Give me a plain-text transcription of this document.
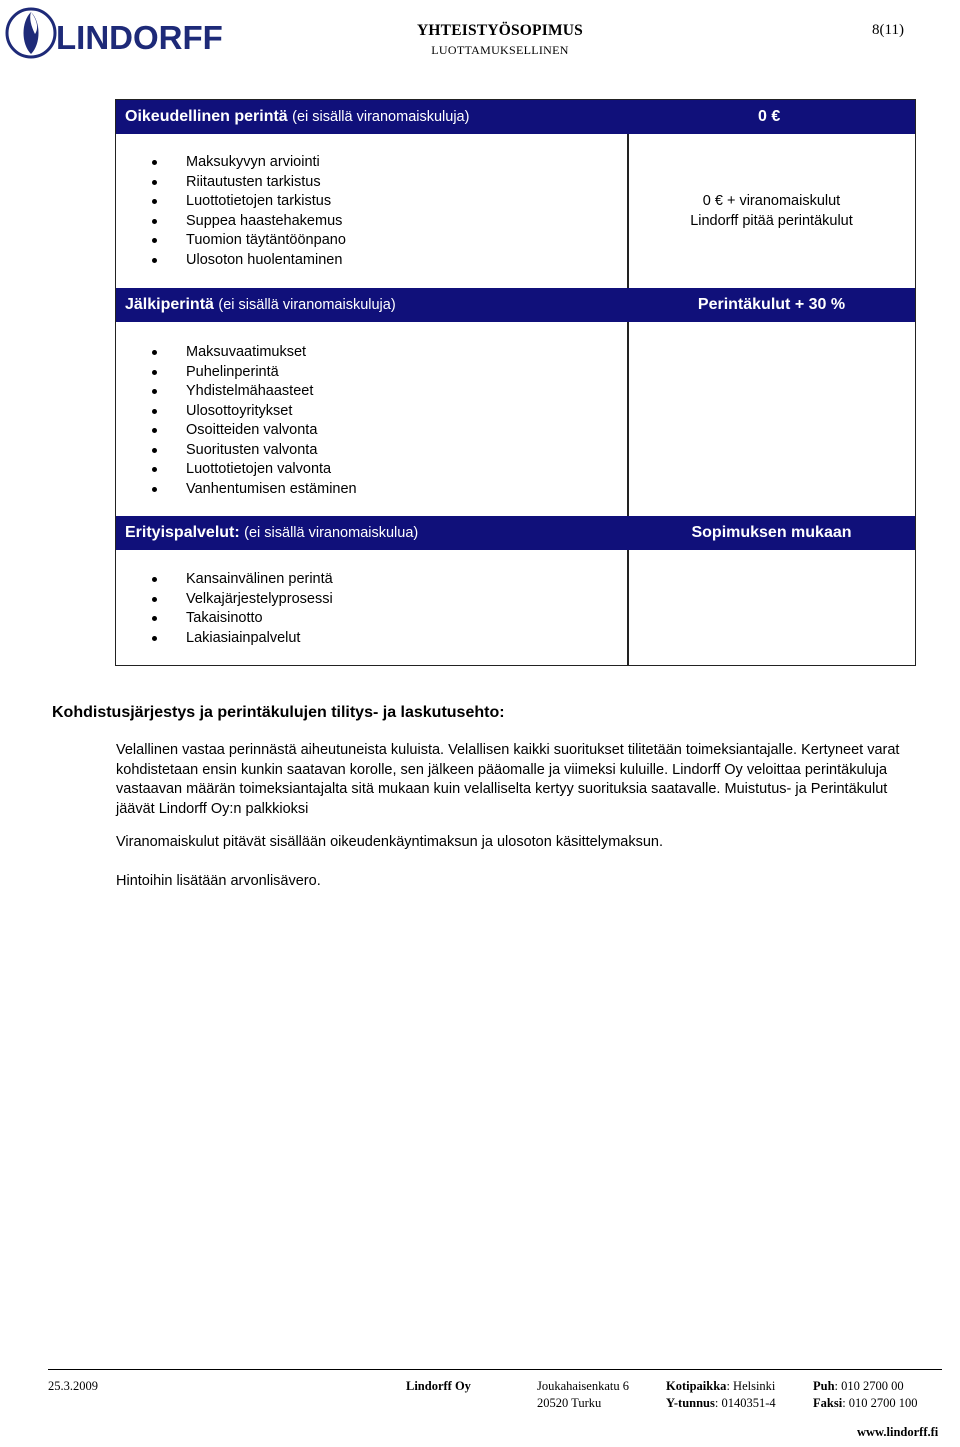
LINDORFF	YHTEISTYÖSOPIMUS
LUOTTAMUKSELLINEN
8(11)
Oikeudellinen perintä (ei sisällä viranomaiskuluja)	0 €
Maksukyvyn arviointi
Riitautusten tarkistus
Luottotietojen tarkistus
Suppea haastehakemus
Tuomion täytäntöönpano
Ulosoton huolentaminen
0 € + viranomaiskulut
Lindorff pitää perintäkulut
Jälkiperintä (ei sisällä viranomaiskuluja)	Perintäkulut + 30 %
Maksuvaatimukset
Puhelinperintä
Yhdistelmähaasteet
Ulosottoyritykset
Osoitteiden valvonta
Suoritusten valvonta
Luottotietojen valvonta
Vanhentumisen estäminen
Erityispalvelut: (ei sisällä viranomaiskulua)	Sopimuksen mukaan
Kansainvälinen perintä
Velkajärjestelyprosessi
Takaisinotto
Lakiasiainpalvelut
Kohdistusjärjestys ja perintäkulujen tilitys- ja laskutusehto:

Velallinen vastaa perinnästä aiheutuneista kuluista. Velallisen kaikki suoritukset tilitetään toimeksiantajalle. Kertyneet varat kohdistetaan ensin kunkin saatavan korolle, sen jälkeen pääomalle ja viimeksi kuluille. Lindorff Oy veloittaa perintäkuluja vastaavan määrän toimeksiantajalta sitä mukaan kuin velalliselta kertyy suorituksia saatavalle. Muistutus- ja Perintäkulut jäävät Lindorff Oy:n palkkioksi

Viranomaiskulut pitävät sisällään oikeudenkäyntimaksun ja ulosoton käsittelymaksun.

Hintoihin lisätään arvonlisävero.

25.3.2009	Lindorff Oy	Joukahaisenkatu 6
20520 Turku
Kotipaikka: Helsinki
Y-tunnus: 0140351-4
Puh: 010 2700 00
Faksi: 010 2700 100
www.lindorff.fi
